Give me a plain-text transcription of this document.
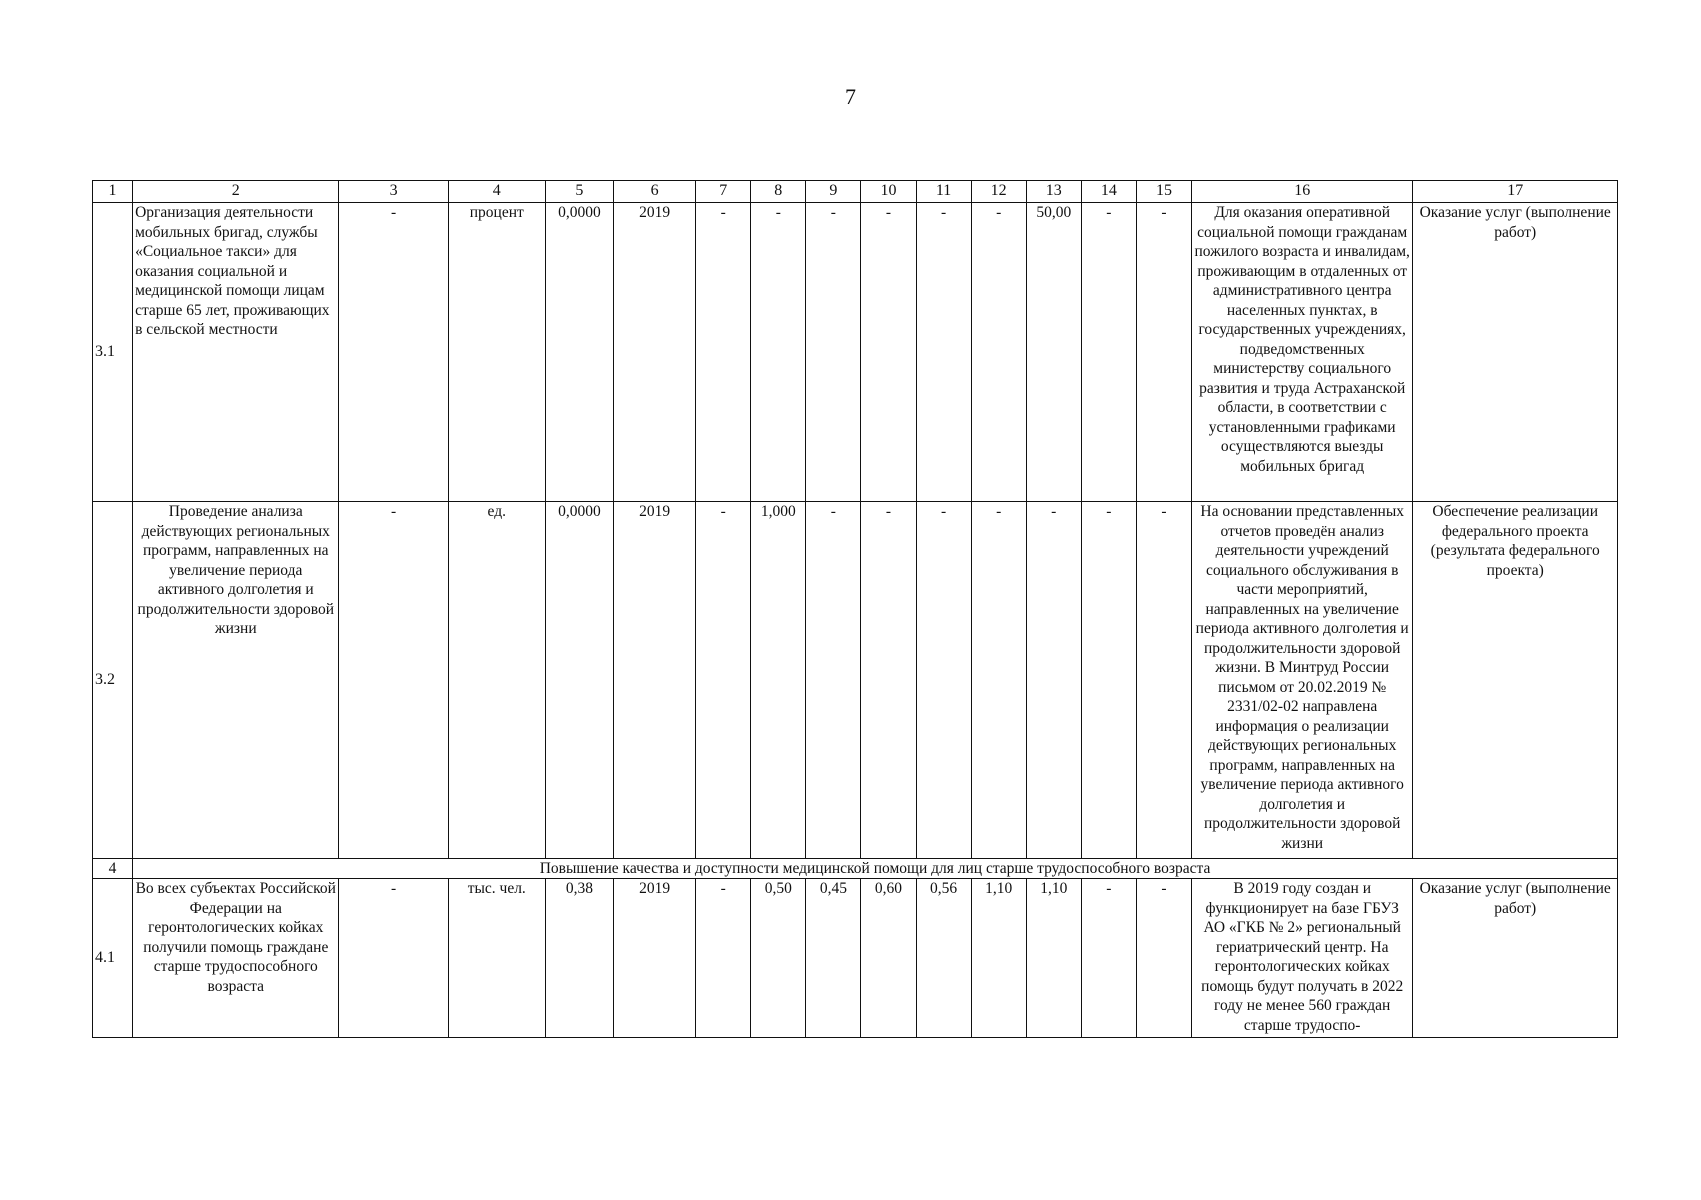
7
1	2	3	4	5	6	7	8	9	10	11	12	13	14	15	16	17
3.1	Организация деятельности мобильных бригад, службы «Социальное такси» для оказания социальной и медицинской помощи лицам старше 65 лет, проживающих в сельской местности	-	процент	0,0000	2019	-	-	-	-	-	-	50,00	-	-	Для оказания оперативной социальной помощи гражданам пожилого возраста и инвалидам, проживающим в отдаленных от административного центра населенных пунктах, в государственных учреждениях, подведомственных министерству социального развития и труда Астраханской области, в соответствии с установленными графиками осуществляются выезды мобильных бригад	Оказание услуг (выполнение работ)
3.2	Проведение анализа действующих региональных программ, направленных на увеличение периода активного долголетия и продолжительности здоровой жизни	-	ед.	0,0000	2019	-	1,000	-	-	-	-	-	-	-	На основании представленных отчетов проведён анализ деятельности учреждений социального обслуживания в части мероприятий, направленных на увеличение периода активного долголетия и продолжительности здоровой жизни. В Минтруд России письмом от 20.02.2019 № 2331/02-02 направлена информация о реализации действующих региональных программ, направленных на увеличение периода активного долголетия и продолжительности здоровой жизни	Обеспечение реализации федерального проекта (результата федерального проекта)
4	Повышение качества и доступности медицинской помощи для лиц старше трудоспособного возраста															
4.1	Во всех субъектах Российской Федерации на геронтологических койках получили помощь граждане старше трудоспособного возраста	-	тыс. чел.	0,38	2019	-	0,50	0,45	0,60	0,56	1,10	1,10	-	-	В 2019 году создан и функционирует на базе ГБУЗ АО «ГКБ № 2» региональный гериатрический центр. На геронтологических койках помощь будут получать в 2022 году не менее 560 граждан старше трудоспо-	Оказание услуг (выполнение работ)
